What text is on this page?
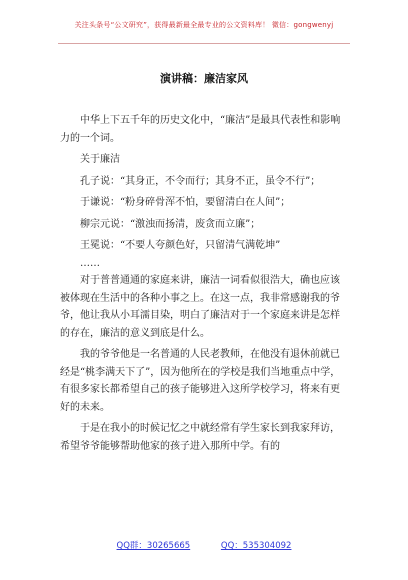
关注头条号“公文研究”，获得最新最全最专业的公文资料库！ 微信：gongwenyj
演讲稿：廉洁家风

中华上下五千年的历史文化中，“廉洁”是最具代表性和影响力的一个词。

关于廉洁

孔子说：“其身正，不令而行；其身不正，虽令不行”；

于谦说：“粉身碎骨浑不怕，要留清白在人间”；

柳宗元说：“激浊而扬清，废贪而立廉”；

王冕说：“不要人夸颜色好，只留清气满乾坤”

……

对于普普通通的家庭来讲，廉洁一词看似很浩大，确也应该被体现在生活中的各种小事之上。在这一点，我非常感谢我的爷爷，他让我从小耳濡目染，明白了廉洁对于一个家庭来讲是怎样的存在，廉洁的意义到底是什么。

我的爷爷他是一名普通的人民老教师，在他没有退休前就已经是“桃李满天下了”，因为他所在的学校是我们当地重点中学，有很多家长都希望自己的孩子能够进入这所学校学习，将来有更好的未来。

于是在我小的时候记忆之中就经常有学生家长到我家拜访，希望爷爷能够帮助他家的孩子进入那所中学。有的

QQ群：30265665	QQ：535304092
